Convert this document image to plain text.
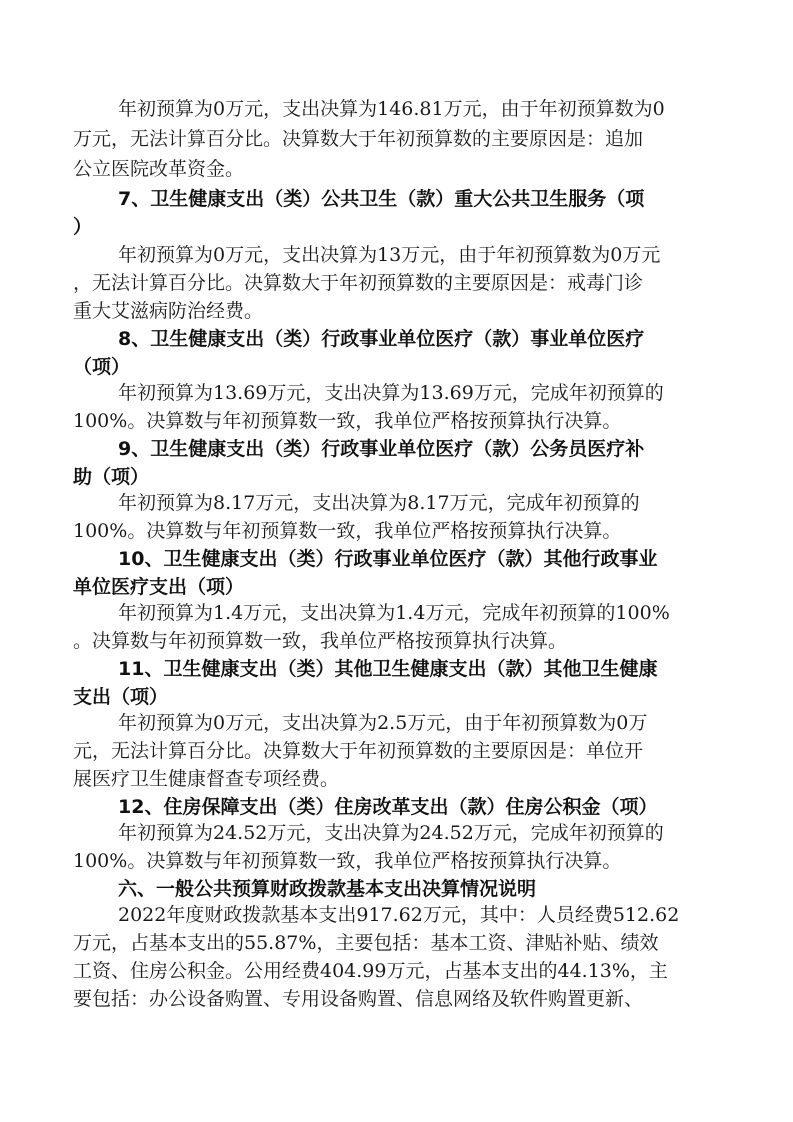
年初预算为0万元，支出决算为146.81万元，由于年初预算数为0
万元，无法计算百分比。决算数大于年初预算数的主要原因是：追加
公立医院改革资金。
7、卫生健康支出（类）公共卫生（款）重大公共卫生服务（项
）
年初预算为0万元，支出决算为13万元，由于年初预算数为0万元
，无法计算百分比。决算数大于年初预算数的主要原因是：戒毒门诊
重大艾滋病防治经费。
8、卫生健康支出（类）行政事业单位医疗（款）事业单位医疗
（项）
年初预算为13.69万元，支出决算为13.69万元，完成年初预算的
100%。决算数与年初预算数一致，我单位严格按预算执行决算。
9、卫生健康支出（类）行政事业单位医疗（款）公务员医疗补
助（项）
年初预算为8.17万元，支出决算为8.17万元，完成年初预算的
100%。决算数与年初预算数一致，我单位严格按预算执行决算。
10、卫生健康支出（类）行政事业单位医疗（款）其他行政事业
单位医疗支出（项）
年初预算为1.4万元，支出决算为1.4万元，完成年初预算的100%
。决算数与年初预算数一致，我单位严格按预算执行决算。
11、卫生健康支出（类）其他卫生健康支出（款）其他卫生健康
支出（项）
年初预算为0万元，支出决算为2.5万元，由于年初预算数为0万
元，无法计算百分比。决算数大于年初预算数的主要原因是：单位开
展医疗卫生健康督查专项经费。
12、住房保障支出（类）住房改革支出（款）住房公积金（项）
年初预算为24.52万元，支出决算为24.52万元，完成年初预算的
100%。决算数与年初预算数一致，我单位严格按预算执行决算。
六、一般公共预算财政拨款基本支出决算情况说明
2022年度财政拨款基本支出917.62万元，其中：人员经费512.62
万元，占基本支出的55.87%，主要包括：基本工资、津贴补贴、绩效
工资、住房公积金。公用经费404.99万元，占基本支出的44.13%，主
要包括：办公设备购置、专用设备购置、信息网络及软件购置更新、
